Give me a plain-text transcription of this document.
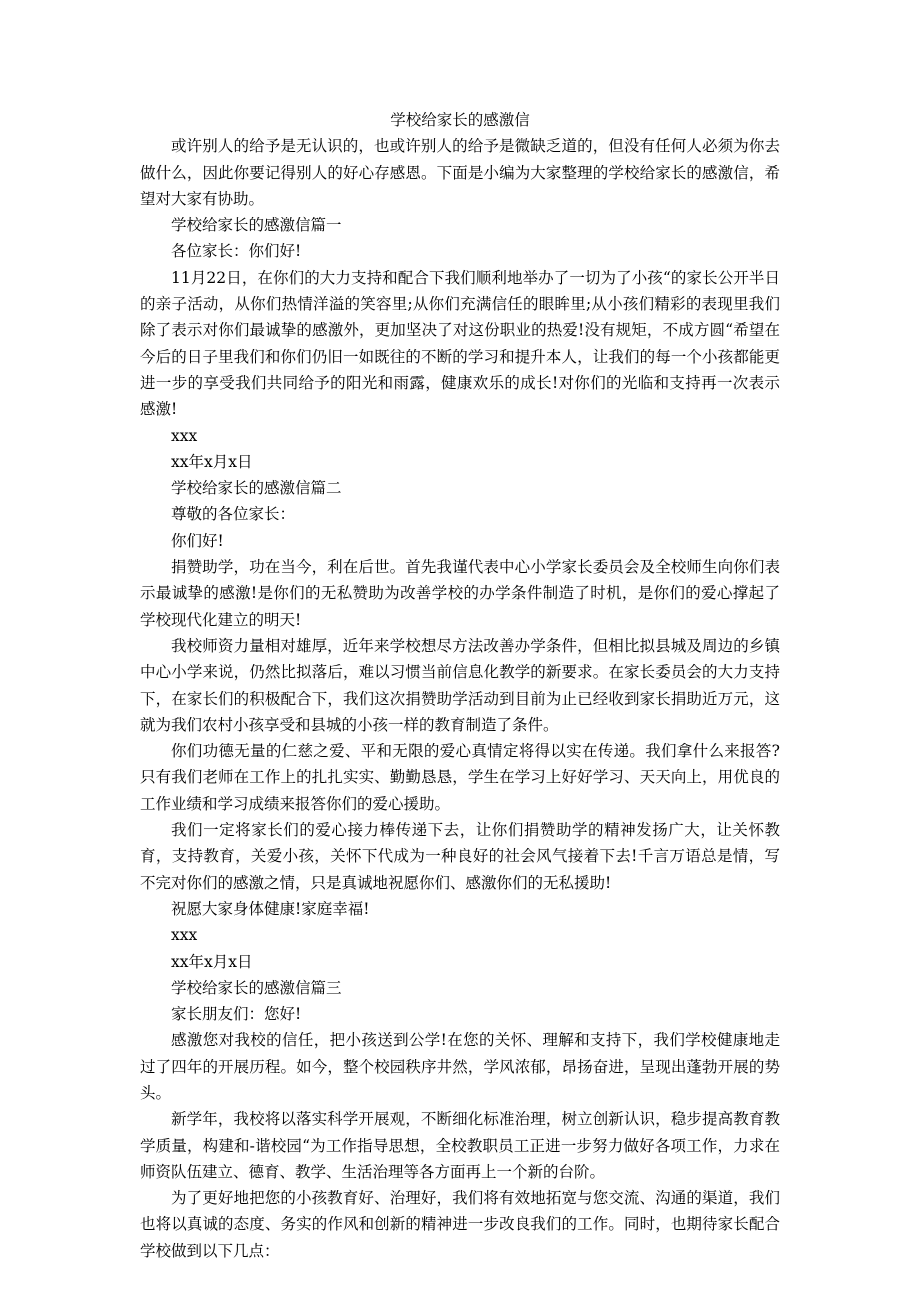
学校给家长的感激信

或许别人的给予是无认识的，也或许别人的给予是微缺乏道的，但没有任何人必须为你去做什么，因此你要记得别人的好心存感恩。下面是小编为大家整理的学校给家长的感激信，希望对大家有协助。

学校给家长的感激信篇一

各位家长：你们好!

11月22日，在你们的大力支持和配合下我们顺利地举办了一切为了小孩“的家长公开半日的亲子活动，从你们热情洋溢的笑容里;从你们充满信任的眼眸里;从小孩们精彩的表现里我们除了表示对你们最诚挚的感激外，更加坚决了对这份职业的热爱!没有规矩，不成方圆“希望在今后的日子里我们和你们仍旧一如既往的不断的学习和提升本人，让我们的每一个小孩都能更进一步的享受我们共同给予的阳光和雨露，健康欢乐的成长!对你们的光临和支持再一次表示感激!

xxx

xx年x月x日

学校给家长的感激信篇二

尊敬的各位家长：

你们好!

捐赞助学，功在当今，利在后世。首先我谨代表中心小学家长委员会及全校师生向你们表示最诚挚的感激!是你们的无私赞助为改善学校的办学条件制造了时机，是你们的爱心撑起了学校现代化建立的明天!

我校师资力量相对雄厚，近年来学校想尽方法改善办学条件，但相比拟县城及周边的乡镇中心小学来说，仍然比拟落后，难以习惯当前信息化教学的新要求。在家长委员会的大力支持下，在家长们的积极配合下，我们这次捐赞助学活动到目前为止已经收到家长捐助近万元，这就为我们农村小孩享受和县城的小孩一样的教育制造了条件。

你们功德无量的仁慈之爱、平和无限的爱心真情定将得以实在传递。我们拿什么来报答?只有我们老师在工作上的扎扎实实、勤勤恳恳，学生在学习上好好学习、天天向上，用优良的工作业绩和学习成绩来报答你们的爱心援助。

我们一定将家长们的爱心接力棒传递下去，让你们捐赞助学的精神发扬广大，让关怀教育，支持教育，关爱小孩，关怀下代成为一种良好的社会风气接着下去!千言万语总是情，写不完对你们的感激之情，只是真诚地祝愿你们、感激你们的无私援助!

祝愿大家身体健康!家庭幸福!

xxx

xx年x月x日

学校给家长的感激信篇三

家长朋友们：您好!

感激您对我校的信任，把小孩送到公学!在您的关怀、理解和支持下，我们学校健康地走过了四年的开展历程。如今，整个校园秩序井然，学风浓郁，昂扬奋进，呈现出蓬勃开展的势头。

新学年，我校将以落实科学开展观，不断细化标准治理，树立创新认识，稳步提高教育教学质量，构建和-谐校园“为工作指导思想，全校教职员工正进一步努力做好各项工作，力求在师资队伍建立、德育、教学、生活治理等各方面再上一个新的台阶。

为了更好地把您的小孩教育好、治理好，我们将有效地拓宽与您交流、沟通的渠道，我们也将以真诚的态度、务实的作风和创新的精神进一步改良我们的工作。同时，也期待家长配合学校做到以下几点：
